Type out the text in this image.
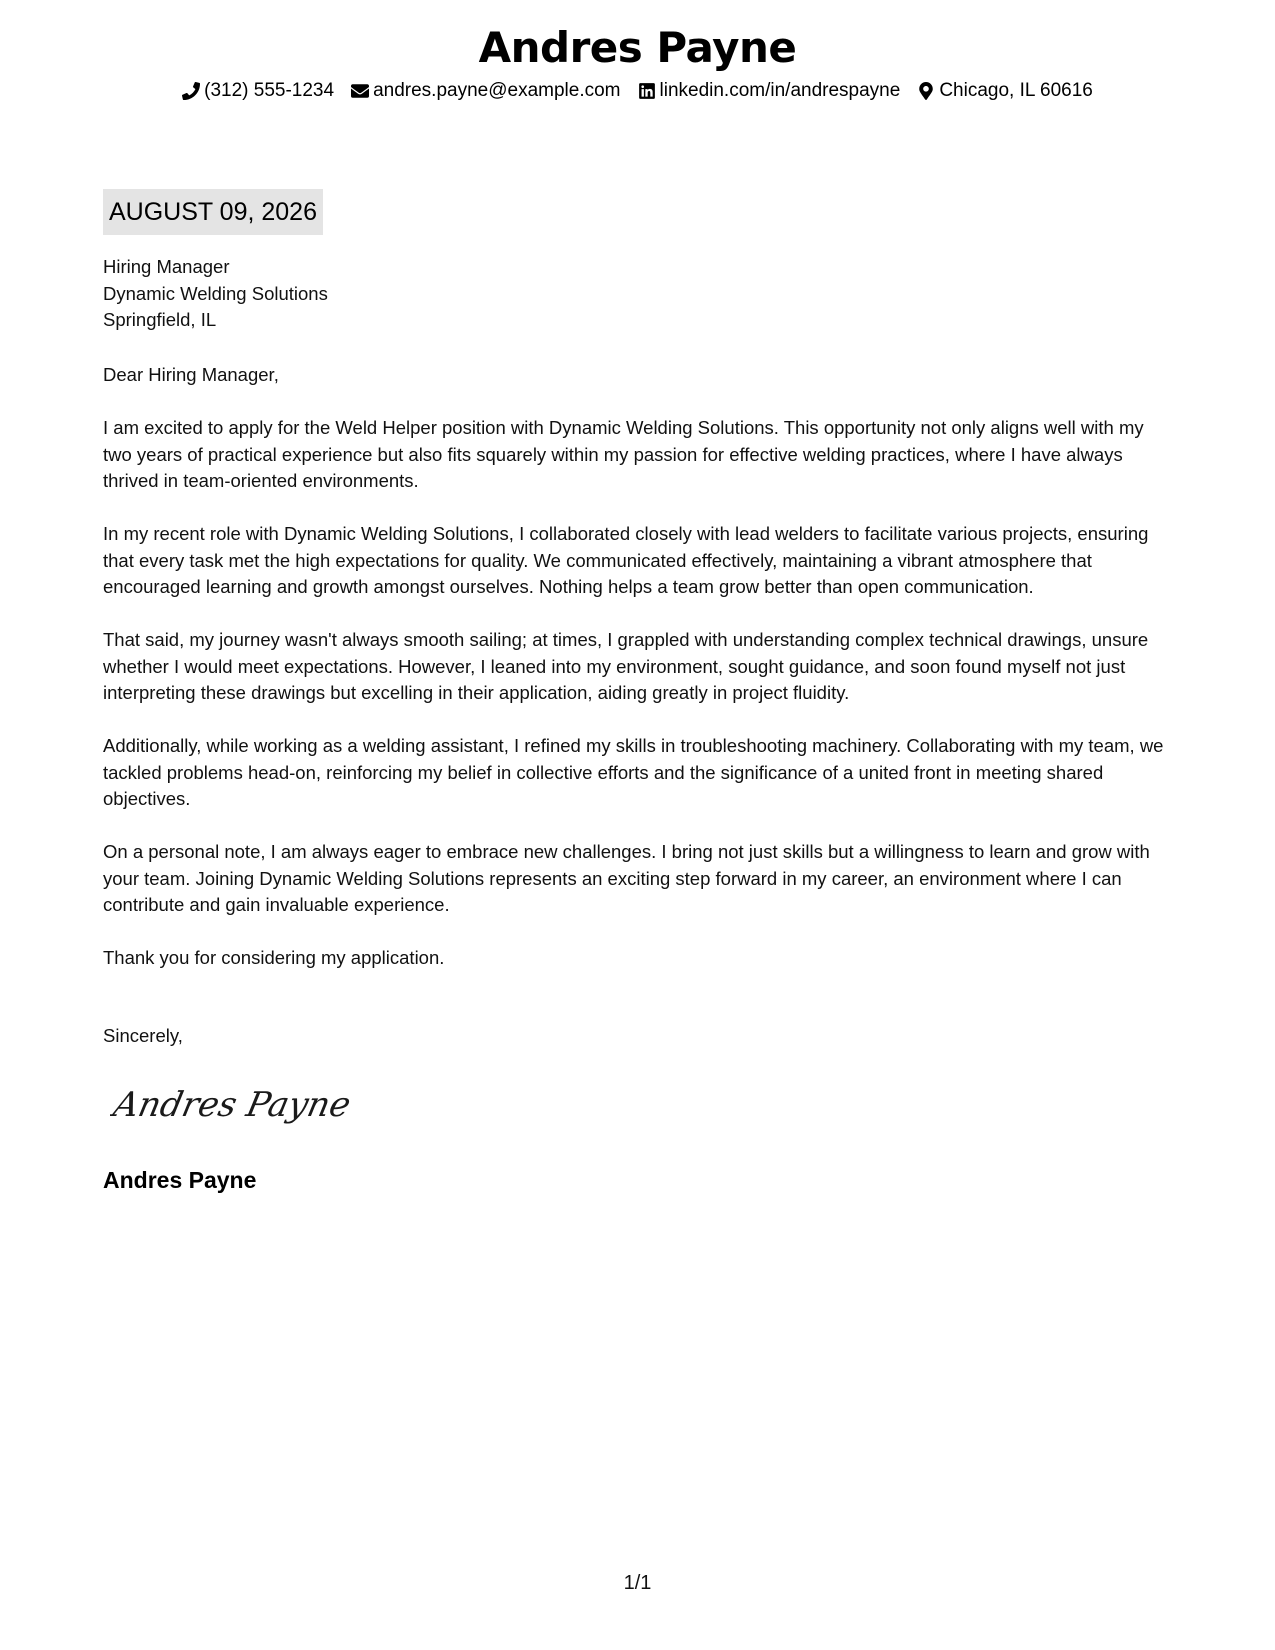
Andres Payne
(312) 555-1234 andres.payne@example.com linkedin.com/in/andrespayne Chicago, IL 60616
AUGUST 09, 2026
Hiring Manager
Dynamic Welding Solutions
Springfield, IL

Dear Hiring Manager,

I am excited to apply for the Weld Helper position with Dynamic Welding Solutions. This opportunity not only aligns well with my two years of practical experience but also fits squarely within my passion for effective welding practices, where I have always thrived in team-oriented environments.

In my recent role with Dynamic Welding Solutions, I collaborated closely with lead welders to facilitate various projects, ensuring that every task met the high expectations for quality. We communicated effectively, maintaining a vibrant atmosphere that encouraged learning and growth amongst ourselves. Nothing helps a team grow better than open communication.

That said, my journey wasn't always smooth sailing; at times, I grappled with understanding complex technical drawings, unsure whether I would meet expectations. However, I leaned into my environment, sought guidance, and soon found myself not just interpreting these drawings but excelling in their application, aiding greatly in project fluidity.

Additionally, while working as a welding assistant, I refined my skills in troubleshooting machinery. Collaborating with my team, we tackled problems head-on, reinforcing my belief in collective efforts and the significance of a united front in meeting shared objectives.

On a personal note, I am always eager to embrace new challenges. I bring not just skills but a willingness to learn and grow with your team. Joining Dynamic Welding Solutions represents an exciting step forward in my career, an environment where I can contribute and gain invaluable experience.

Thank you for considering my application.

Sincerely,
Andres Payne
Andres Payne
1/1
